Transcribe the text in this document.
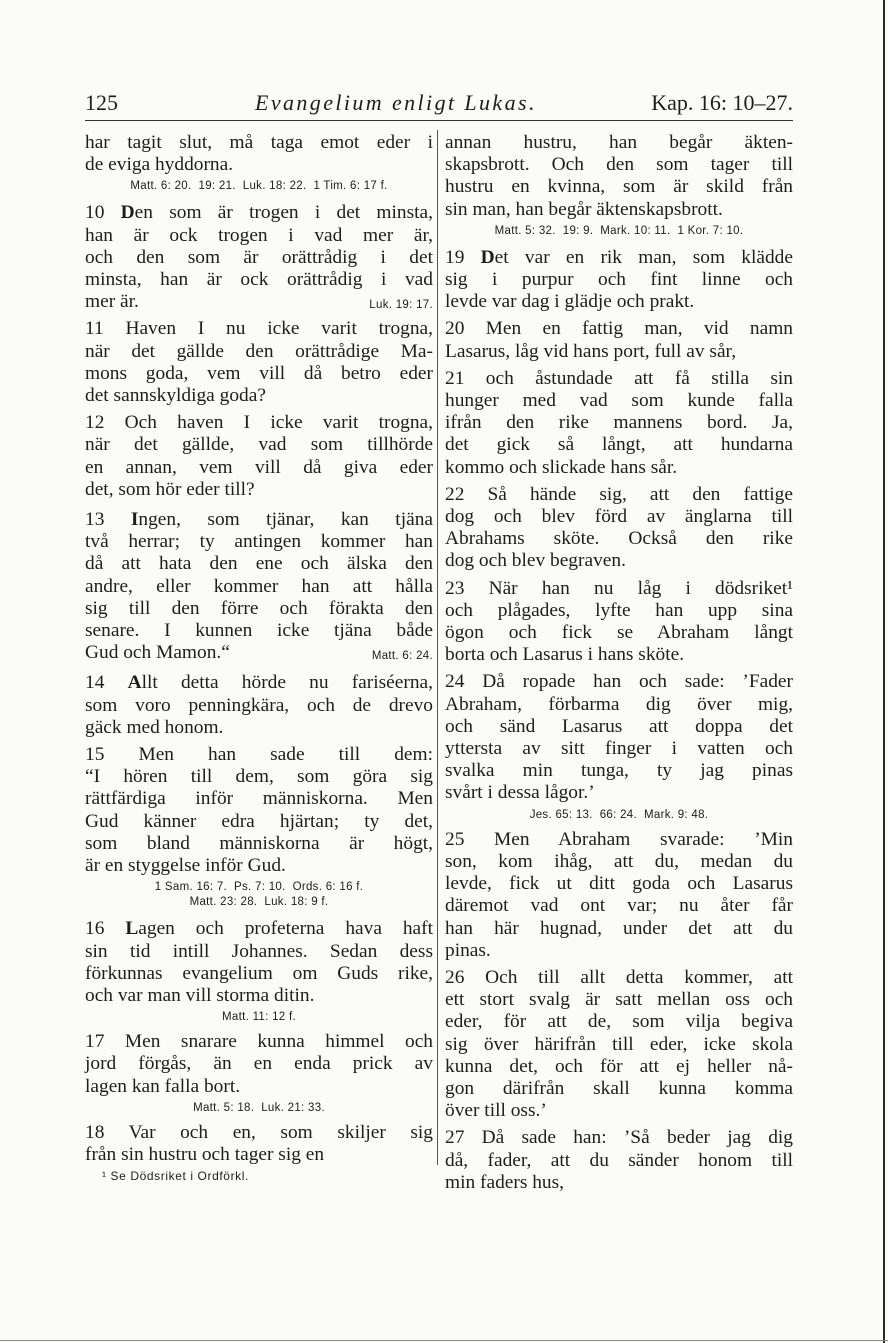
125	Evangelium enligt Lukas.	Kap. 16: 10–27.
har tagit slut, må taga emot eder i
de eviga hyddorna.
Matt. 6: 20.  19: 21.  Luk. 18: 22.  1 Tim. 6: 17 f.
10 Den som är trogen i det minsta,
han är ock trogen i vad mer är,
och den som är orättrådig i det
minsta, han är ock orättrådig i vad
mer är.	Luk. 19: 17.
11 Haven I nu icke varit trogna,
när det gällde den orättrådige Ma-
mons goda, vem vill då betro eder
det sannskyldiga goda?
12 Och haven I icke varit trogna,
när det gällde, vad som tillhörde
en annan, vem vill då giva eder
det, som hör eder till?
13 Ingen, som tjänar, kan tjäna
två herrar; ty antingen kommer han
då att hata den ene och älska den
andre, eller kommer han att hålla
sig till den förre och förakta den
senare. I kunnen icke tjäna både
Gud och Mamon.“	Matt. 6: 24.
14 Allt detta hörde nu fariséerna,
som voro penningkära, och de drevo
gäck med honom.
15 Men han sade till dem:
“I hören till dem, som göra sig
rättfärdiga inför människorna. Men
Gud känner edra hjärtan; ty det,
som bland människorna är högt,
är en styggelse inför Gud.
1 Sam. 16: 7.  Ps. 7: 10.  Ords. 6: 16 f.
Matt. 23: 28.  Luk. 18: 9 f.
16 Lagen och profeterna hava haft
sin tid intill Johannes. Sedan dess
förkunnas evangelium om Guds rike,
och var man vill storma ditin.
Matt. 11: 12 f.
17 Men snarare kunna himmel och
jord förgås, än en enda prick av
lagen kan falla bort.
Matt. 5: 18.  Luk. 21: 33.
18 Var och en, som skiljer sig
från sin hustru och tager sig en
annan hustru, han begår äkten-
skapsbrott. Och den som tager till
hustru en kvinna, som är skild från
sin man, han begår äktenskapsbrott.
Matt. 5: 32.  19: 9.  Mark. 10: 11.  1 Kor. 7: 10.
19 Det var en rik man, som klädde
sig i purpur och fint linne och
levde var dag i glädje och prakt.
20 Men en fattig man, vid namn
Lasarus, låg vid hans port, full av sår,
21 och åstundade att få stilla sin
hunger med vad som kunde falla
ifrån den rike mannens bord. Ja,
det gick så långt, att hundarna
kommo och slickade hans sår.
22 Så hände sig, att den fattige
dog och blev förd av änglarna till
Abrahams sköte. Också den rike
dog och blev begraven.
23 När han nu låg i dödsriket¹
och plågades, lyfte han upp sina
ögon och fick se Abraham långt
borta och Lasarus i hans sköte.
24 Då ropade han och sade: ’Fader
Abraham, förbarma dig över mig,
och sänd Lasarus att doppa det
yttersta av sitt finger i vatten och
svalka min tunga, ty jag pinas
svårt i dessa lågor.’
Jes. 65: 13.  66: 24.  Mark. 9: 48.
25 Men Abraham svarade: ’Min
son, kom ihåg, att du, medan du
levde, fick ut ditt goda och Lasarus
däremot vad ont var; nu åter får
han här hugnad, under det att du
pinas.
26 Och till allt detta kommer, att
ett stort svalg är satt mellan oss och
eder, för att de, som vilja begiva
sig över härifrån till eder, icke skola
kunna det, och för att ej heller nå-
gon därifrån skall kunna komma
över till oss.’
27 Då sade han: ’Så beder jag dig
då, fader, att du sänder honom till
min faders hus,
¹ Se Dödsriket i Ordförkl.
